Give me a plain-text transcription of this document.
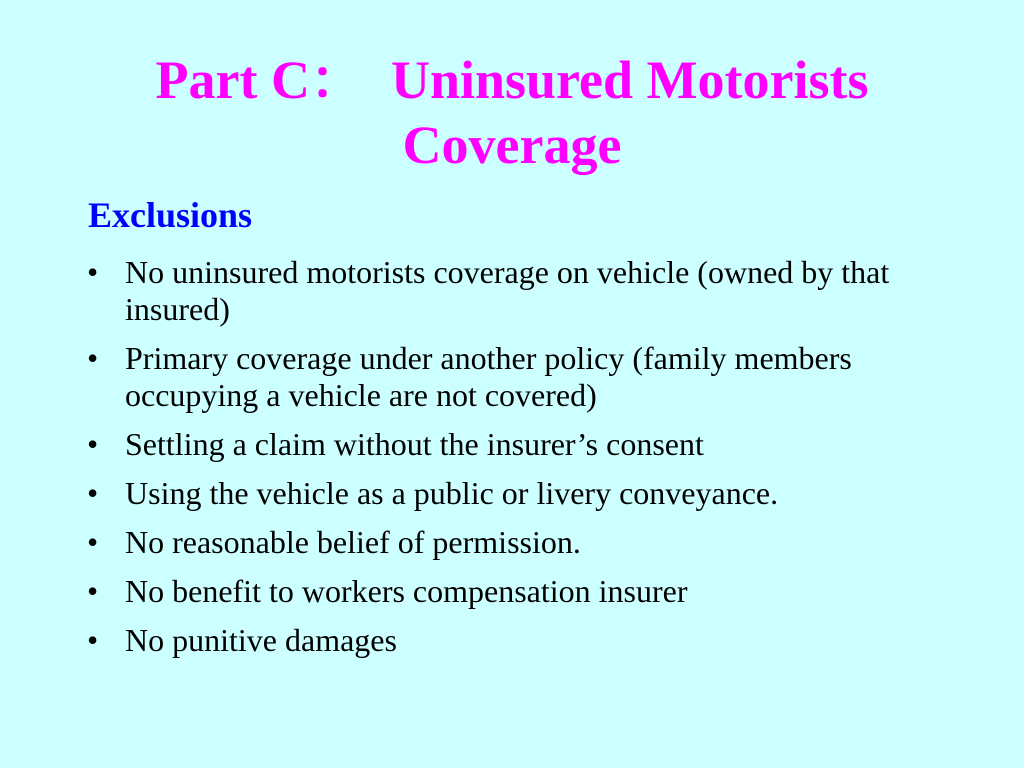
Part C：  Uninsured Motorists
Coverage
Exclusions
• No uninsured motorists coverage on vehicle (owned by that insured)
• Primary coverage under another policy (family members occupying a vehicle are not covered)
• Settling a claim without the insurer’s consent
• Using the vehicle as a public or livery conveyance.
• No reasonable belief of permission.
• No benefit to workers compensation insurer
• No punitive damages
